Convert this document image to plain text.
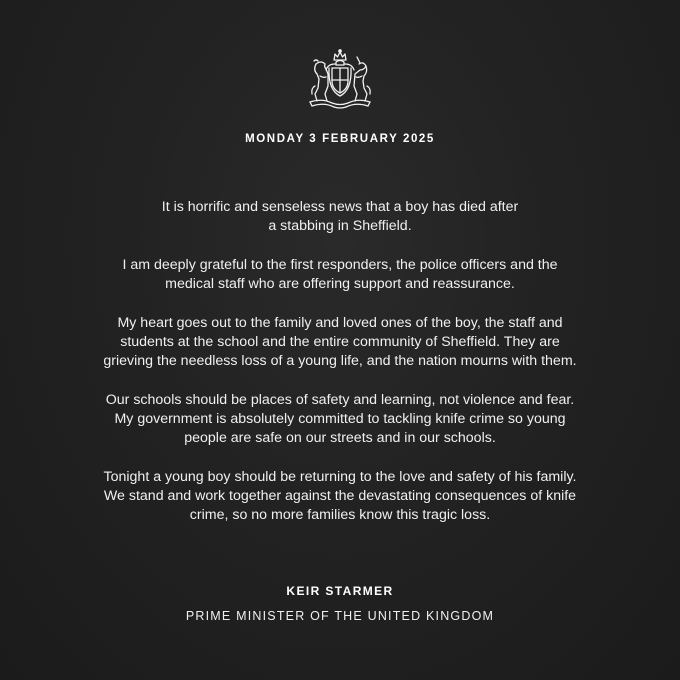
MONDAY 3 FEBRUARY 2025

It is horrific and senseless news that a boy has died after
a stabbing in Sheffield.

I am deeply grateful to the first responders, the police officers and the
medical staff who are offering support and reassurance.

My heart goes out to the family and loved ones of the boy, the staff and
students at the school and the entire community of Sheffield. They are
grieving the needless loss of a young life, and the nation mourns with them.

Our schools should be places of safety and learning, not violence and fear.
My government is absolutely committed to tackling knife crime so young
people are safe on our streets and in our schools.

Tonight a young boy should be returning to the love and safety of his family.
We stand and work together against the devastating consequences of knife
crime, so no more families know this tragic loss.

KEIR STARMER
PRIME MINISTER OF THE UNITED KINGDOM
